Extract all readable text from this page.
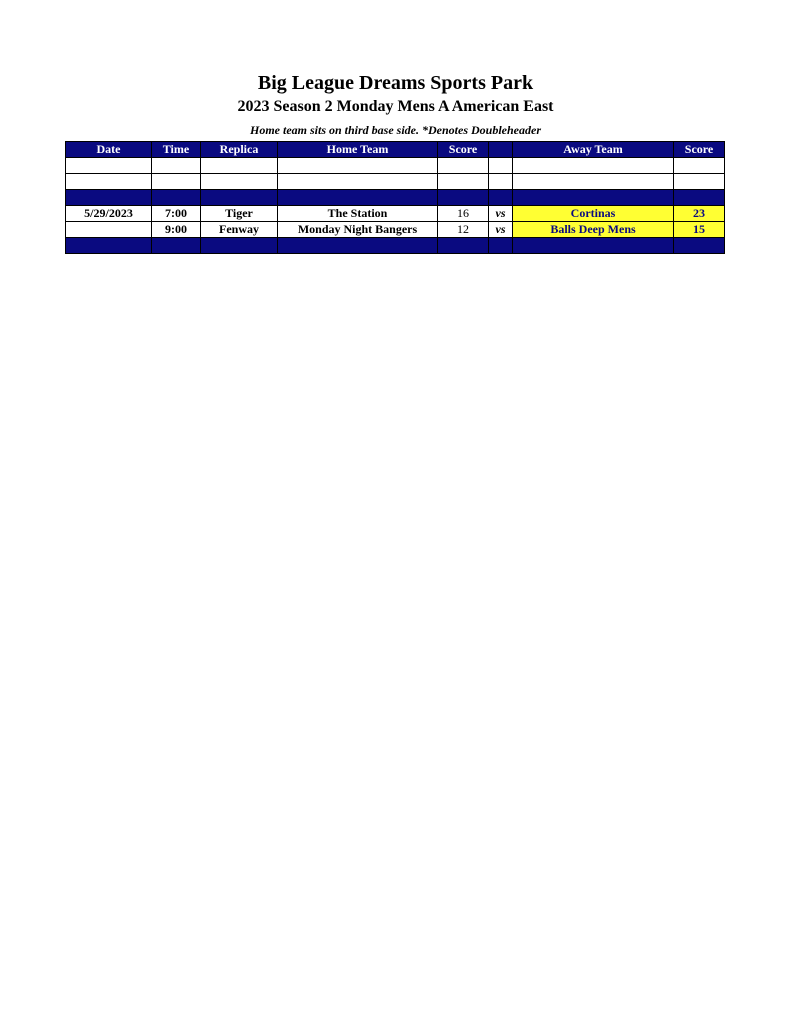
Big League Dreams Sports Park
2023 Season 2 Monday Mens A American East
Home team sits on third base side. *Denotes Doubleheader
Date	Time	Replica	Home Team	Score		Away Team	Score

5/29/2023	7:00	Tiger	The Station	16	vs	Cortinas	23
	9:00	Fenway	Monday Night Bangers	12	vs	Balls Deep Mens	15
